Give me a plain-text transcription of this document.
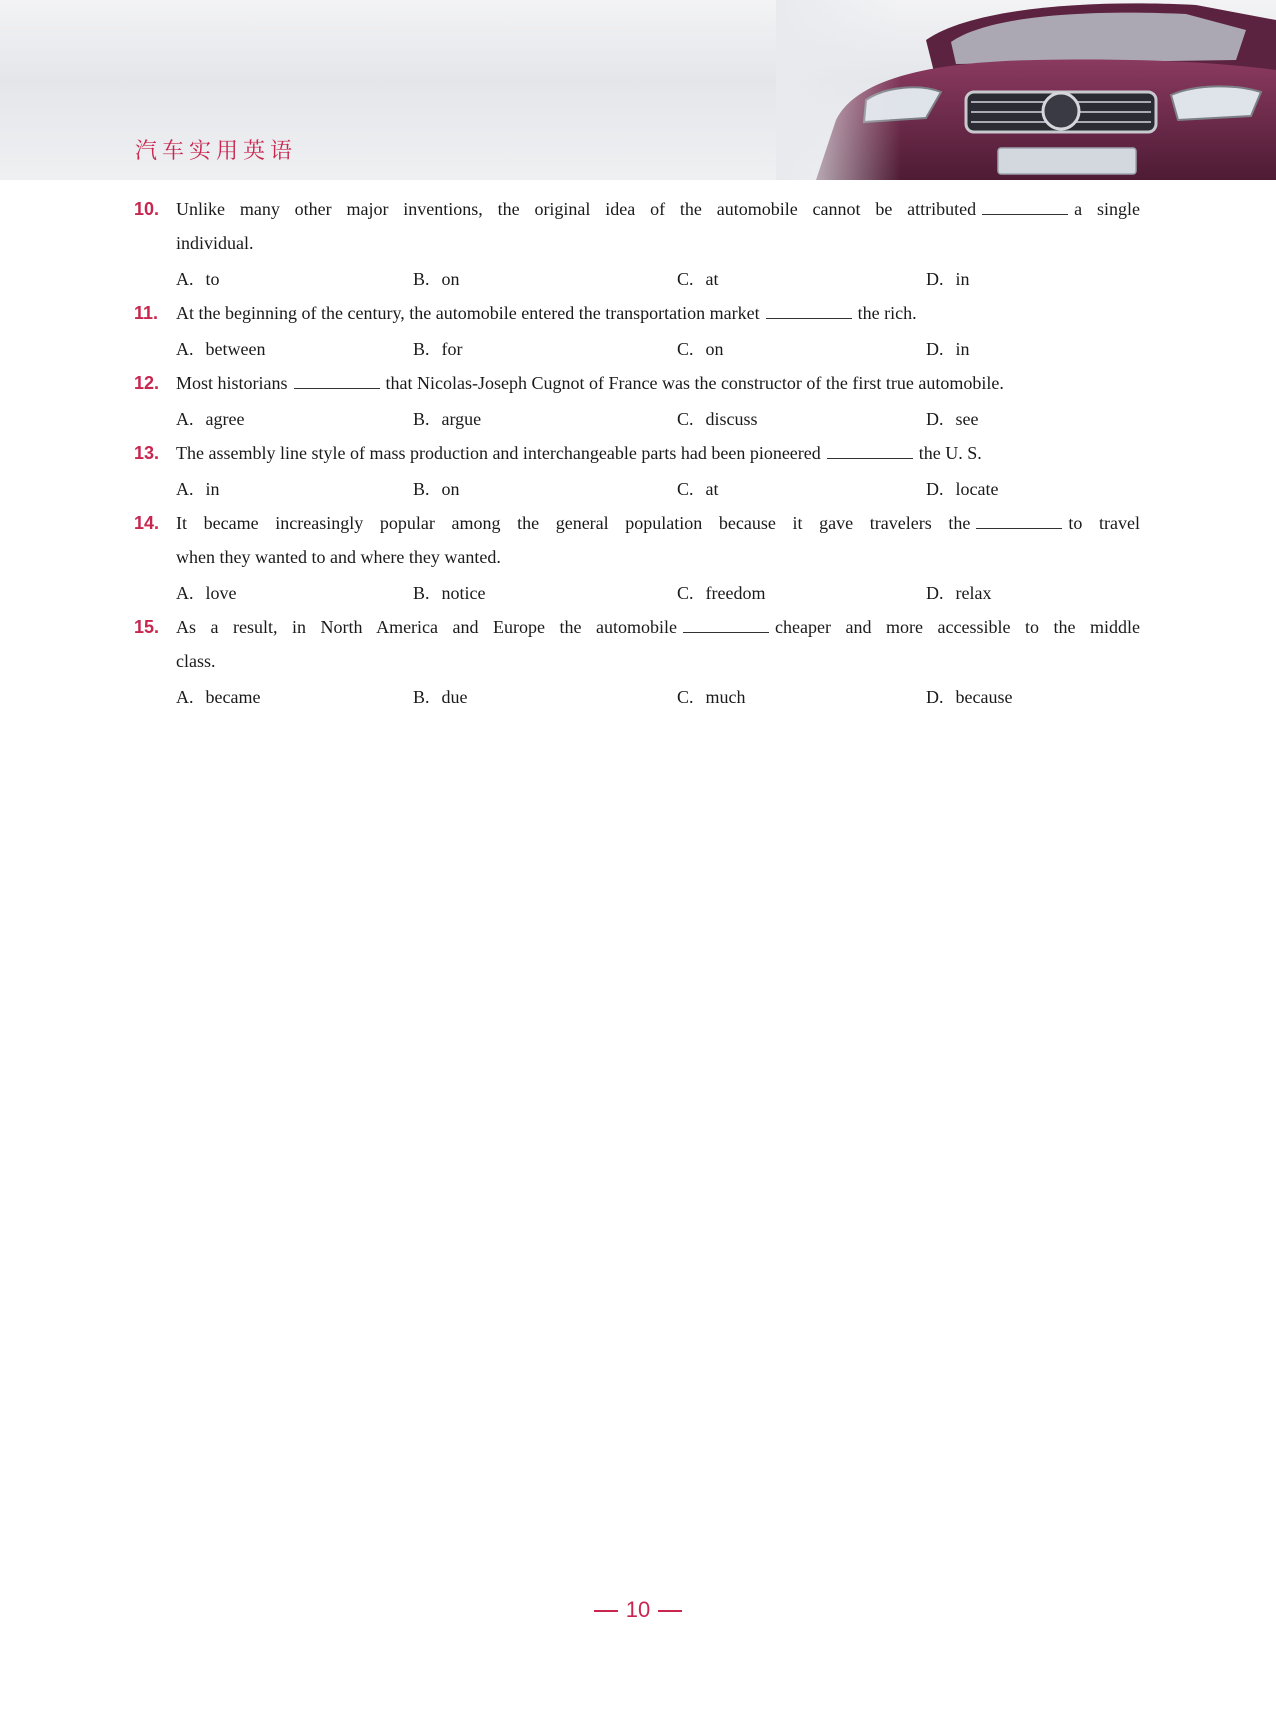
汽车实用英语
10. Unlike many other major inventions, the original idea of the automobile cannot be attributed	a single
individual.
A. to	B. on	C. at	D. in
11. At the beginning of the century, the automobile entered the transportation market	the rich.
A. between	B. for	C. on	D. in
12. Most historians	that Nicolas-Joseph Cugnot of France was the constructor of the first true automobile.
A. agree	B. argue	C. discuss	D. see
13. The assembly line style of mass production and interchangeable parts had been pioneered	the U. S.
A. in	B. on	C. at	D. locate
14. It became increasingly popular among the general population because it gave travelers the	to travel
when they wanted to and where they wanted.
A. love	B. notice	C. freedom	D. relax
15. As a result, in North America and Europe the automobile	cheaper and more accessible to the middle
class.
A. became	B. due	C. much	D. because
10
